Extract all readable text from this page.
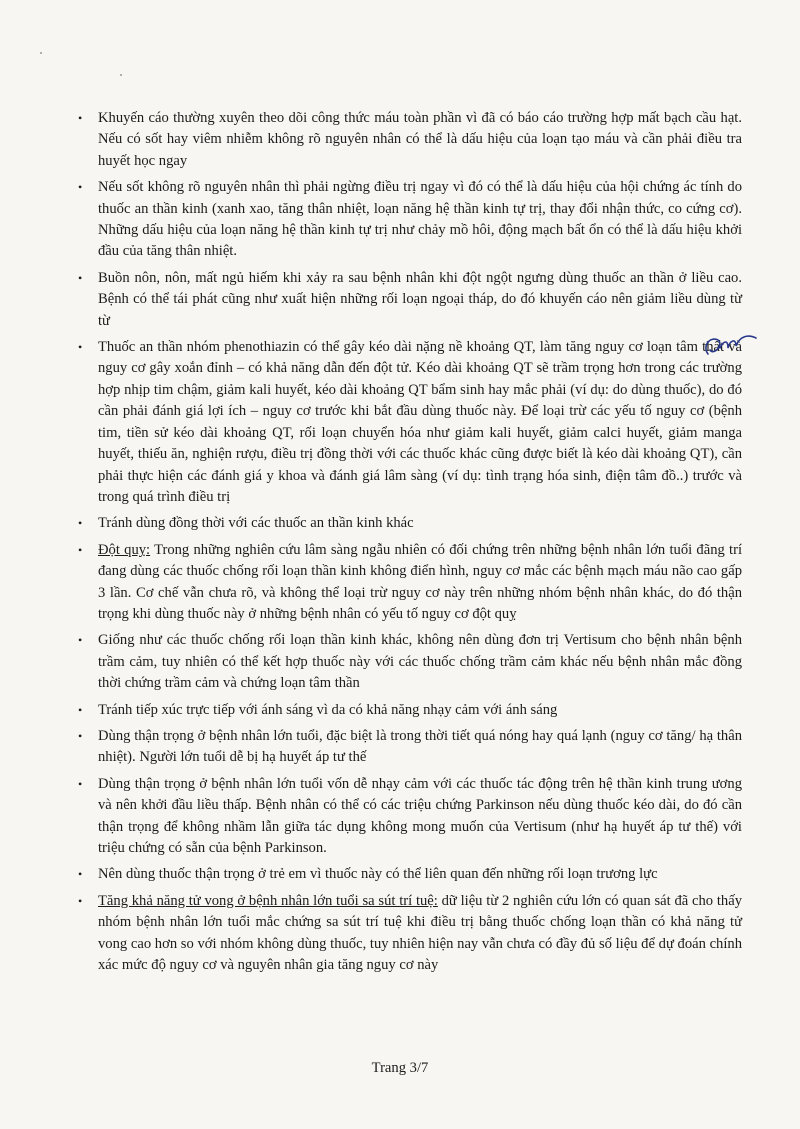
• Khuyến cáo thường xuyên theo dõi công thức máu toàn phần vì đã có báo cáo trường hợp mất bạch cầu hạt. Nếu có sốt hay viêm nhiễm không rõ nguyên nhân có thể là dấu hiệu của loạn tạo máu và cần phải điều tra huyết học ngay
• Nếu sốt không rõ nguyên nhân thì phải ngừng điều trị ngay vì đó có thể là dấu hiệu của hội chứng ác tính do thuốc an thần kinh (xanh xao, tăng thân nhiệt, loạn năng hệ thần kinh tự trị, thay đổi nhận thức, co cứng cơ). Những dấu hiệu của loạn năng hệ thần kinh tự trị như chảy mồ hôi, động mạch bất ổn có thể là dấu hiệu khởi đầu của tăng thân nhiệt.
• Buồn nôn, nôn, mất ngủ hiếm khi xảy ra sau bệnh nhân khi đột ngột ngưng dùng thuốc an thần ở liều cao. Bệnh có thể tái phát cũng như xuất hiện những rối loạn ngoại tháp, do đó khuyến cáo nên giảm liều dùng từ từ
• Thuốc an thần nhóm phenothiazin có thể gây kéo dài nặng nề khoảng QT, làm tăng nguy cơ loạn tâm thất và nguy cơ gây xoắn đỉnh – có khả năng dẫn đến đột tử. Kéo dài khoảng QT sẽ trầm trọng hơn trong các trường hợp nhịp tim chậm, giảm kali huyết, kéo dài khoảng QT bẩm sinh hay mắc phải (ví dụ: do dùng thuốc), do đó cần phải đánh giá lợi ích – nguy cơ trước khi bắt đầu dùng thuốc này. Để loại trừ các yếu tố nguy cơ (bệnh tim, tiền sử kéo dài khoảng QT, rối loạn chuyển hóa như giảm kali huyết, giảm calci huyết, giảm manga huyết, thiếu ăn, nghiện rượu, điều trị đồng thời với các thuốc khác cũng được biết là kéo dài khoảng QT), cần phải thực hiện các đánh giá y khoa và đánh giá lâm sàng (ví dụ: tình trạng hóa sinh, điện tâm đồ..) trước và trong quá trình điều trị
• Tránh dùng đồng thời với các thuốc an thần kinh khác
• Đột quỵ: Trong những nghiên cứu lâm sàng ngẫu nhiên có đối chứng trên những bệnh nhân lớn tuổi đãng trí đang dùng các thuốc chống rối loạn thần kinh không điển hình, nguy cơ mắc các bệnh mạch máu não cao gấp 3 lần. Cơ chế vẫn chưa rõ, và không thể loại trừ nguy cơ này trên những nhóm bệnh nhân khác, do đó thận trọng khi dùng thuốc này ở những bệnh nhân có yếu tố nguy cơ đột quỵ
• Giống như các thuốc chống rối loạn thần kinh khác, không nên dùng đơn trị Vertisum cho bệnh nhân bệnh trầm cảm, tuy nhiên có thể kết hợp thuốc này với các thuốc chống trầm cảm khác nếu bệnh nhân mắc đồng thời chứng trầm cảm và chứng loạn tâm thần
• Tránh tiếp xúc trực tiếp với ánh sáng vì da có khả năng nhạy cảm với ánh sáng
• Dùng thận trọng ở bệnh nhân lớn tuổi, đặc biệt là trong thời tiết quá nóng hay quá lạnh (nguy cơ tăng/ hạ thân nhiệt). Người lớn tuổi dễ bị hạ huyết áp tư thế
• Dùng thận trọng ở bệnh nhân lớn tuổi vốn dễ nhạy cảm với các thuốc tác động trên hệ thần kinh trung ương và nên khởi đầu liều thấp. Bệnh nhân có thể có các triệu chứng Parkinson nếu dùng thuốc kéo dài, do đó cần thận trọng để không nhầm lẫn giữa tác dụng không mong muốn của Vertisum (như hạ huyết áp tư thế) với triệu chứng có sẵn của bệnh Parkinson.
• Nên dùng thuốc thận trọng ở trẻ em vì thuốc này có thể liên quan đến những rối loạn trương lực
• Tăng khả năng tử vong ở bệnh nhân lớn tuổi sa sút trí tuệ: dữ liệu từ 2 nghiên cứu lớn có quan sát đã cho thấy nhóm bệnh nhân lớn tuổi mắc chứng sa sút trí tuệ khi điều trị bằng thuốc chống loạn thần có khả năng tử vong cao hơn so với nhóm không dùng thuốc, tuy nhiên hiện nay vẫn chưa có đầy đủ số liệu để dự đoán chính xác mức độ nguy cơ và nguyên nhân gia tăng nguy cơ này
Trang 3/7
